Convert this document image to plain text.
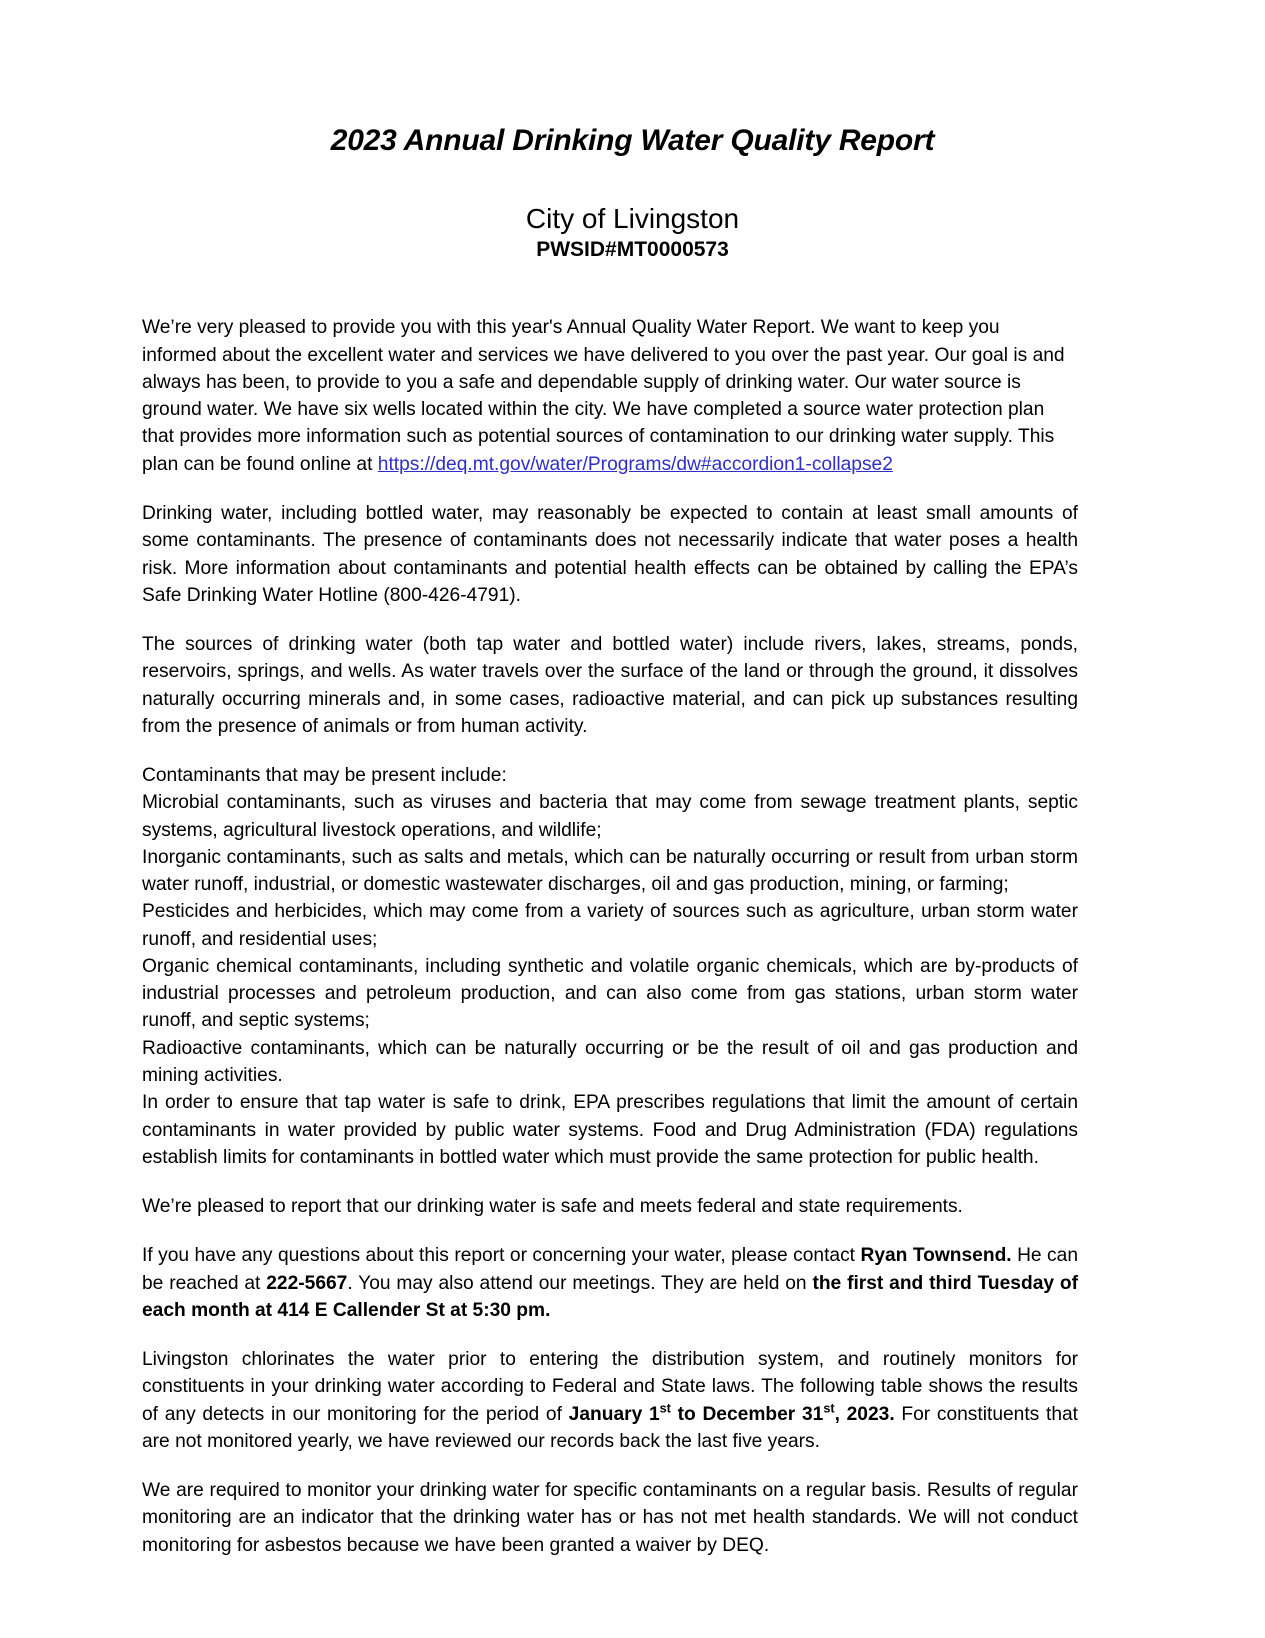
2023 Annual Drinking Water Quality Report
City of Livingston
PWSID#MT0000573

We’re very pleased to provide you with this year's Annual Quality Water Report. We want to keep you informed about the excellent water and services we have delivered to you over the past year. Our goal is and always has been, to provide to you a safe and dependable supply of drinking water. Our water source is ground water. We have six wells located within the city. We have completed a source water protection plan that provides more information such as potential sources of contamination to our drinking water supply. This plan can be found online at https://deq.mt.gov/water/Programs/dw#accordion1-collapse2

Drinking water, including bottled water, may reasonably be expected to contain at least small amounts of some contaminants. The presence of contaminants does not necessarily indicate that water poses a health risk. More information about contaminants and potential health effects can be obtained by calling the EPA’s Safe Drinking Water Hotline (800-426-4791).

The sources of drinking water (both tap water and bottled water) include rivers, lakes, streams, ponds, reservoirs, springs, and wells. As water travels over the surface of the land or through the ground, it dissolves naturally occurring minerals and, in some cases, radioactive material, and can pick up substances resulting from the presence of animals or from human activity.

Contaminants that may be present include:

Microbial contaminants, such as viruses and bacteria that may come from sewage treatment plants, septic systems, agricultural livestock operations, and wildlife;

Inorganic contaminants, such as salts and metals, which can be naturally occurring or result from urban storm water runoff, industrial, or domestic wastewater discharges, oil and gas production, mining, or farming;

Pesticides and herbicides, which may come from a variety of sources such as agriculture, urban storm water runoff, and residential uses;

Organic chemical contaminants, including synthetic and volatile organic chemicals, which are by-products of industrial processes and petroleum production, and can also come from gas stations, urban storm water runoff, and septic systems;

Radioactive contaminants, which can be naturally occurring or be the result of oil and gas production and mining activities.

In order to ensure that tap water is safe to drink, EPA prescribes regulations that limit the amount of certain contaminants in water provided by public water systems. Food and Drug Administration (FDA) regulations establish limits for contaminants in bottled water which must provide the same protection for public health.

We’re pleased to report that our drinking water is safe and meets federal and state requirements.

If you have any questions about this report or concerning your water, please contact Ryan Townsend. He can be reached at 222-5667. You may also attend our meetings. They are held on the first and third Tuesday of each month at 414 E Callender St at 5:30 pm.

Livingston chlorinates the water prior to entering the distribution system, and routinely monitors for constituents in your drinking water according to Federal and State laws. The following table shows the results of any detects in our monitoring for the period of January 1st to December 31st, 2023. For constituents that are not monitored yearly, we have reviewed our records back the last five years.

We are required to monitor your drinking water for specific contaminants on a regular basis. Results of regular monitoring are an indicator that the drinking water has or has not met health standards. We will not conduct monitoring for asbestos because we have been granted a waiver by DEQ.
